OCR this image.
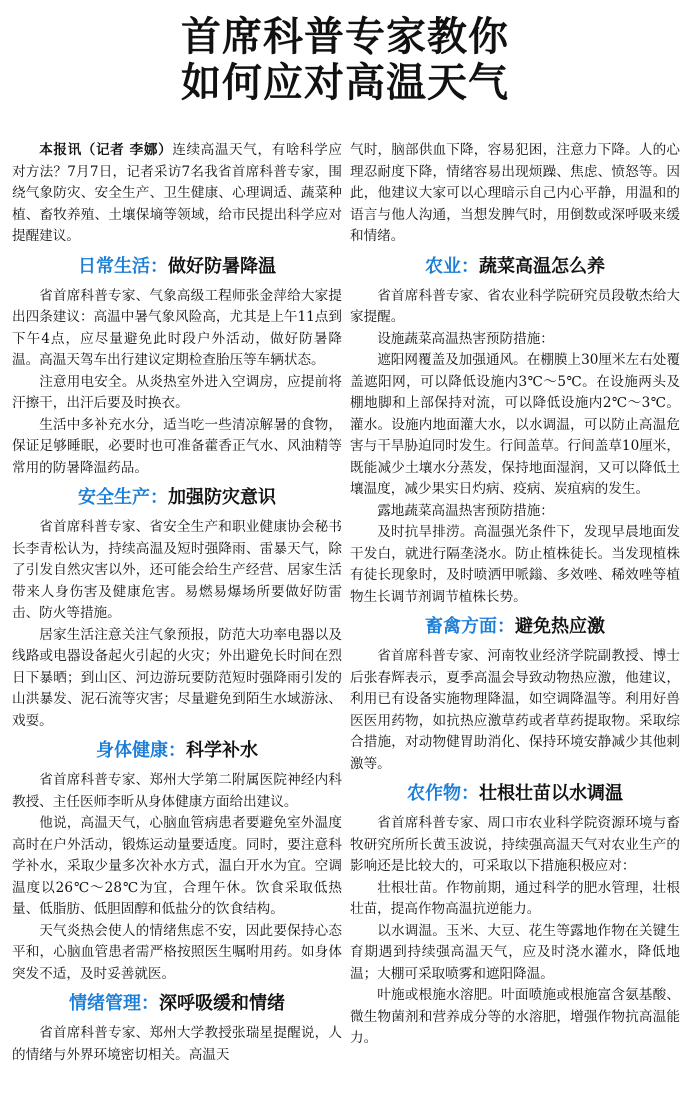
首席科普专家教你
如何应对高温天气

本报讯（记者 李娜）连续高温天气，有啥科学应对方法？7月7日，记者采访7名我省首席科普专家，围绕气象防灾、安全生产、卫生健康、心理调适、蔬菜种植、畜牧养殖、土壤保墒等领域，给市民提出科学应对提醒建议。

日常生活：做好防暑降温

省首席科普专家、气象高级工程师张金萍给大家提出四条建议：高温中暑气象风险高，尤其是上午11点到下午4点，应尽量避免此时段户外活动，做好防暑降温。高温天驾车出行建议定期检查胎压等车辆状态。

注意用电安全。从炎热室外进入空调房，应提前将汗擦干，出汗后要及时换衣。

生活中多补充水分，适当吃一些清凉解暑的食物，保证足够睡眠，必要时也可准备藿香正气水、风油精等常用的防暑降温药品。

安全生产：加强防灾意识

省首席科普专家、省安全生产和职业健康协会秘书长李青松认为，持续高温及短时强降雨、雷暴天气，除了引发自然灾害以外，还可能会给生产经营、居家生活带来人身伤害及健康危害。易燃易爆场所要做好防雷击、防火等措施。

居家生活注意关注气象预报，防范大功率电器以及线路或电器设备起火引起的火灾；外出避免长时间在烈日下暴晒；到山区、河边游玩要防范短时强降雨引发的山洪暴发、泥石流等灾害；尽量避免到陌生水域游泳、戏耍。

身体健康：科学补水

省首席科普专家、郑州大学第二附属医院神经内科教授、主任医师李昕从身体健康方面给出建议。

他说，高温天气，心脑血管病患者要避免室外温度高时在户外活动，锻炼运动量要适度。同时，要注意科学补水，采取少量多次补水方式，温白开水为宜。空调温度以26℃～28℃为宜，合理午休。饮食采取低热量、低脂肪、低胆固醇和低盐分的饮食结构。

天气炎热会使人的情绪焦虑不安，因此要保持心态平和，心脑血管患者需严格按照医生嘱咐用药。如身体突发不适，及时妥善就医。

情绪管理：深呼吸缓和情绪

省首席科普专家、郑州大学教授张瑞星提醒说，人的情绪与外界环境密切相关。高温天

气时，脑部供血下降，容易犯困，注意力下降。人的心理忍耐度下降，情绪容易出现烦躁、焦虑、愤怒等。因此，他建议大家可以心理暗示自己内心平静，用温和的语言与他人沟通，当想发脾气时，用倒数或深呼吸来缓和情绪。

农业：蔬菜高温怎么养

省首席科普专家、省农业科学院研究员段敬杰给大家提醒。

设施蔬菜高温热害预防措施：

遮阳网覆盖及加强通风。在棚膜上30厘米左右处覆盖遮阳网，可以降低设施内3℃～5℃。在设施两头及棚地脚和上部保持对流，可以降低设施内2℃～3℃。灌水。设施内地面灌大水，以水调温，可以防止高温危害与干旱胁迫同时发生。行间盖草。行间盖草10厘米，既能减少土壤水分蒸发，保持地面湿润，又可以降低土壤温度，减少果实日灼病、疫病、炭疽病的发生。

露地蔬菜高温热害预防措施：

及时抗旱排涝。高温强光条件下，发现早晨地面发干发白，就进行隔垄浇水。防止植株徒长。当发现植株有徒长现象时，及时喷洒甲哌鎓、多效唑、稀效唑等植物生长调节剂调节植株长势。

畜禽方面：避免热应激

省首席科普专家、河南牧业经济学院副教授、博士后张春辉表示，夏季高温会导致动物热应激，他建议，利用已有设备实施物理降温，如空调降温等。利用好兽医医用药物，如抗热应激草药或者草药提取物。采取综合措施，对动物健胃助消化、保持环境安静减少其他刺激等。

农作物：壮根壮苗以水调温

省首席科普专家、周口市农业科学院资源环境与畜牧研究所所长黄玉波说，持续强高温天气对农业生产的影响还是比较大的，可采取以下措施积极应对：

壮根壮苗。作物前期，通过科学的肥水管理，壮根壮苗，提高作物高温抗逆能力。

以水调温。玉米、大豆、花生等露地作物在关键生育期遇到持续强高温天气，应及时浇水灌水，降低地温；大棚可采取喷雾和遮阳降温。

叶施或根施水溶肥。叶面喷施或根施富含氨基酸、微生物菌剂和营养成分等的水溶肥，增强作物抗高温能力。
